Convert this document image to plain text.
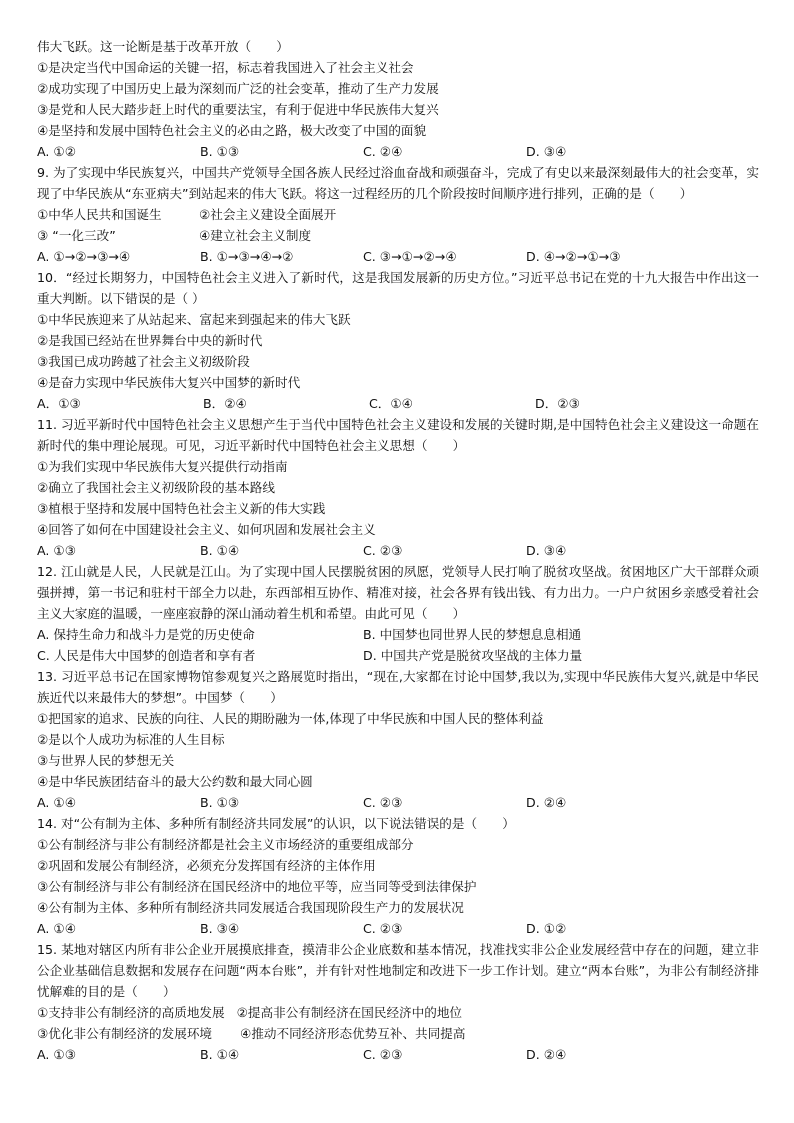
伟大飞跃。这一论断是基于改革开放（　　）
①是决定当代中国命运的关键一招，标志着我国进入了社会主义社会
②成功实现了中国历史上最为深刻而广泛的社会变革，推动了生产力发展
③是党和人民大踏步赶上时代的重要法宝，有利于促进中华民族伟大复兴
④是坚持和发展中国特色社会主义的必由之路，极大改变了中国的面貌
A. ①②	B. ①③	C. ②④	D. ③④
9. 为了实现中华民族复兴，中国共产党领导全国各族人民经过浴血奋战和顽强奋斗，完成了有史以来最深刻最伟大的社会变革，实现了中华民族从“东亚病夫”到站起来的伟大飞跃。将这一过程经历的几个阶段按时间顺序进行排列，正确的是（　　）
①中华人民共和国诞生	②社会主义建设全面展开
③ “一化三改”	④建立社会主义制度
A. ①→②→③→④	B. ①→③→④→②	C. ③→①→②→④	D. ④→②→①→③
10．“经过长期努力，中国特色社会主义进入了新时代，这是我国发展新的历史方位。”习近平总书记在党的十九大报告中作出这一重大判断。以下错误的是（ ）
①中华民族迎来了从站起来、富起来到强起来的伟大飞跃
②是我国已经站在世界舞台中央的新时代
③我国已成功跨越了社会主义初级阶段
④是奋力实现中华民族伟大复兴中国梦的新时代
A．①③	B．②④	C．①④	D．②③
11. 习近平新时代中国特色社会主义思想产生于当代中国特色社会主义建设和发展的关键时期,是中国特色社会主义建设这一命题在新时代的集中理论展现。可见，习近平新时代中国特色社会主义思想（　　）
①为我们实现中华民族伟大复兴提供行动指南
②确立了我国社会主义初级阶段的基本路线
③植根于坚持和发展中国特色社会主义新的伟大实践
④回答了如何在中国建设社会主义、如何巩固和发展社会主义
A. ①③	B. ①④	C. ②③	D. ③④
12. 江山就是人民，人民就是江山。为了实现中国人民摆脱贫困的夙愿，党领导人民打响了脱贫攻坚战。贫困地区广大干部群众顽强拼搏，第一书记和驻村干部全力以赴，东西部相互协作、精准对接，社会各界有钱出钱、有力出力。一户户贫困乡亲感受着社会主义大家庭的温暖，一座座寂静的深山涌动着生机和希望。由此可见（　　）
A. 保持生命力和战斗力是党的历史使命	B. 中国梦也同世界人民的梦想息息相通
C. 人民是伟大中国梦的创造者和享有者	D. 中国共产党是脱贫攻坚战的主体力量
13. 习近平总书记在国家博物馆参观复兴之路展览时指出，“现在,大家都在讨论中国梦,我以为,实现中华民族伟大复兴,就是中华民族近代以来最伟大的梦想”。中国梦（　　）
①把国家的追求、民族的向往、人民的期盼融为一体,体现了中华民族和中国人民的整体利益
②是以个人成功为标准的人生目标
③与世界人民的梦想无关
④是中华民族团结奋斗的最大公约数和最大同心圆
A. ①④	B. ①③	C. ②③	D. ②④
14. 对“公有制为主体、多种所有制经济共同发展”的认识，以下说法错误的是（　　）
①公有制经济与非公有制经济都是社会主义市场经济的重要组成部分
②巩固和发展公有制经济，必须充分发挥国有经济的主体作用
③公有制经济与非公有制经济在国民经济中的地位平等，应当同等受到法律保护
④公有制为主体、多种所有制经济共同发展适合我国现阶段生产力的发展状况
A. ①④	B. ③④	C. ②③	D. ①②
15. 某地对辖区内所有非公企业开展摸底排查，摸清非公企业底数和基本情况，找准找实非公企业发展经营中存在的问题，建立非公企业基础信息数据和发展存在问题“两本台账”，并有针对性地制定和改进下一步工作计划。建立“两本台账”，为非公有制经济排忧解难的目的是（　　）
①支持非公有制经济的高质地发展 ②提高非公有制经济在国民经济中的地位
③优化非公有制经济的发展环境 ④推动不同经济形态优势互补、共同提高
A. ①③	B. ①④	C. ②③	D. ②④
